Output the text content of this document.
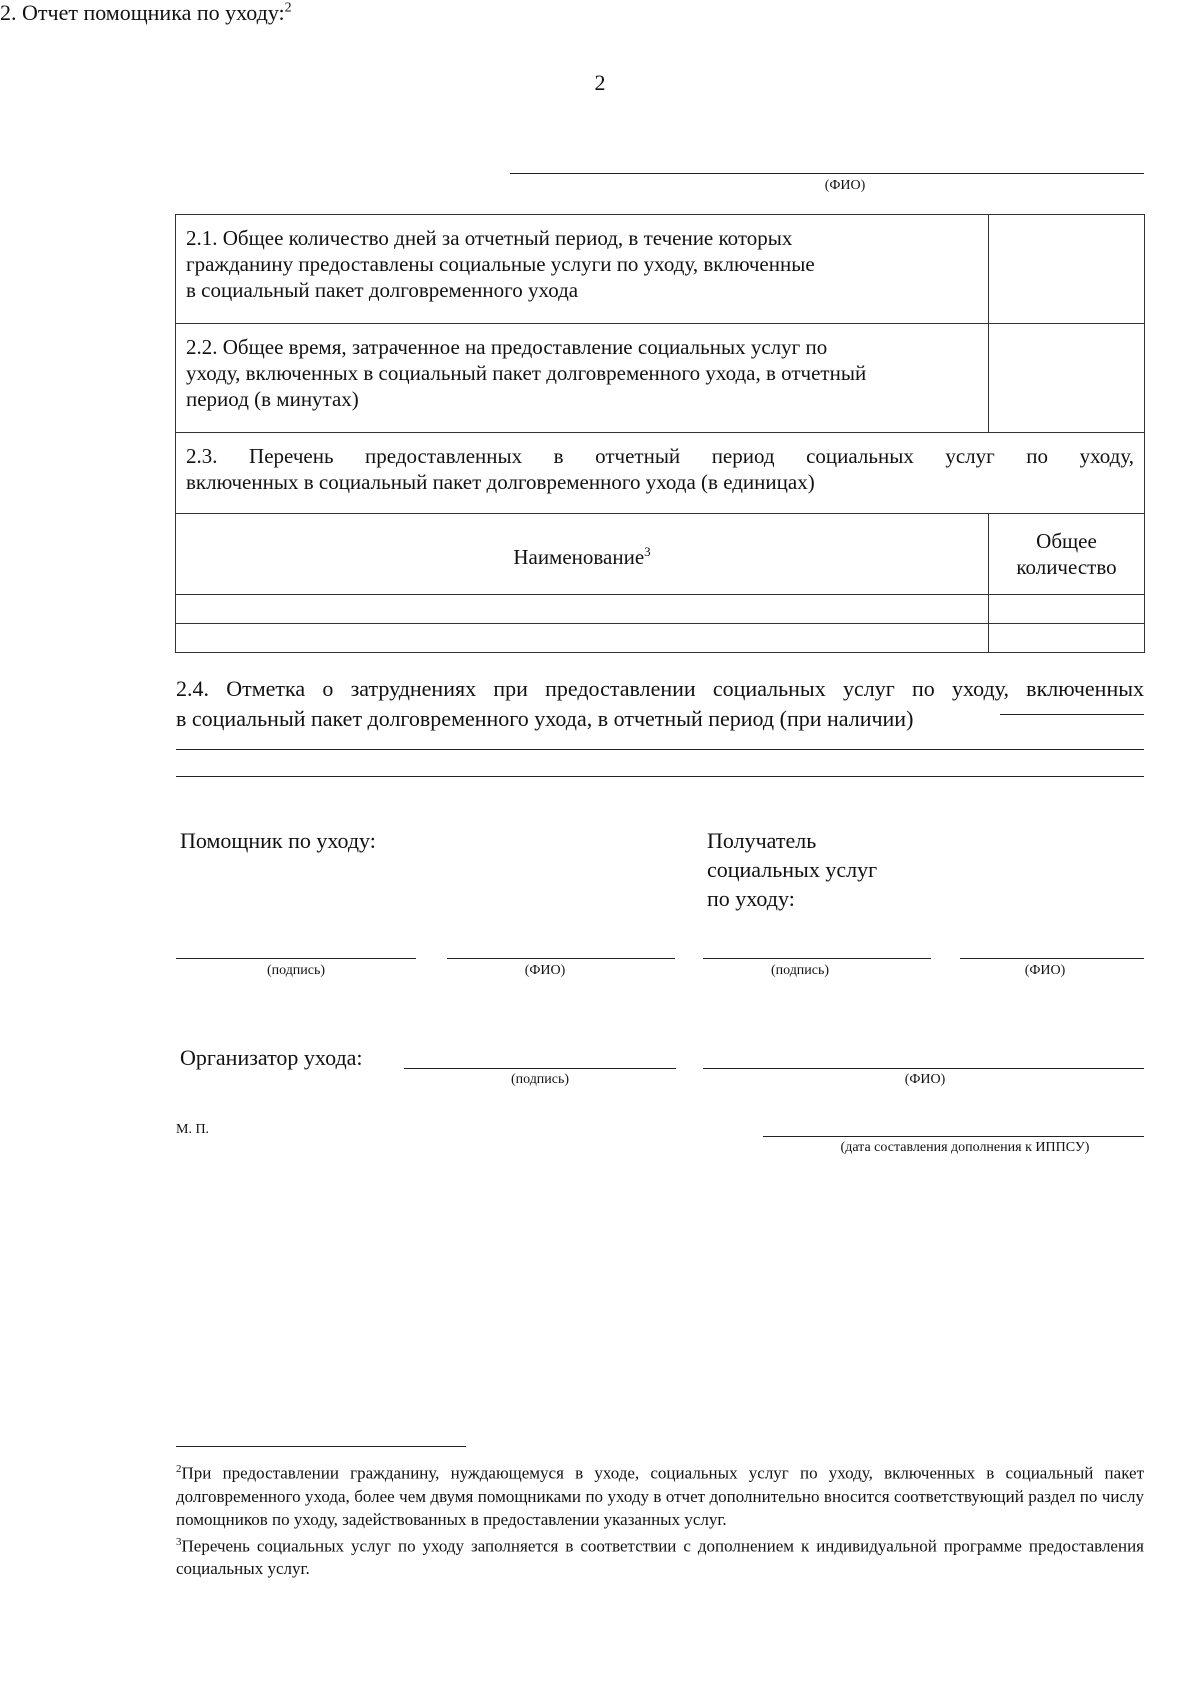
2
2. Отчет помощника по уходу:$^2$
(ФИО)
2.1. Общее количество дней за отчетный период, в течение которых
гражданину предоставлены социальные услуги по уходу, включенные
в социальный пакет долговременного ухода	
2.2. Общее время, затраченное на предоставление социальных услуг по
уходу, включенных в социальный пакет долговременного ухода, в отчетный
период (в минутах)	
2.3. Перечень предоставленных в отчетный период социальных услуг по уходу,
включенных в социальный пакет долговременного ухода (в единицах)	

Наименование$^3$	Общее
количество

2.4. Отметка о затруднениях при предоставлении социальных услуг по уходу, включенных
в социальный пакет долговременного ухода, в отчетный период (при наличии)
Помощник по уходу:	Получатель
социальных услуг
по уходу:
(подпись)	(ФИО)	(подпись)	(ФИО)
Организатор ухода:
(подпись)	(ФИО)
М. П.
(дата составления дополнения к ИППСУ)

$^2$При предоставлении гражданину, нуждающемуся в уходе, социальных услуг по уходу, включенных в социальный пакет долговременного ухода, более чем двумя помощниками по уходу в отчет дополнительно вносится соответствующий раздел по числу помощников по уходу, задействованных в предоставлении указанных услуг.

$^3$Перечень социальных услуг по уходу заполняется в соответствии с дополнением к индивидуальной программе предоставления социальных услуг.
